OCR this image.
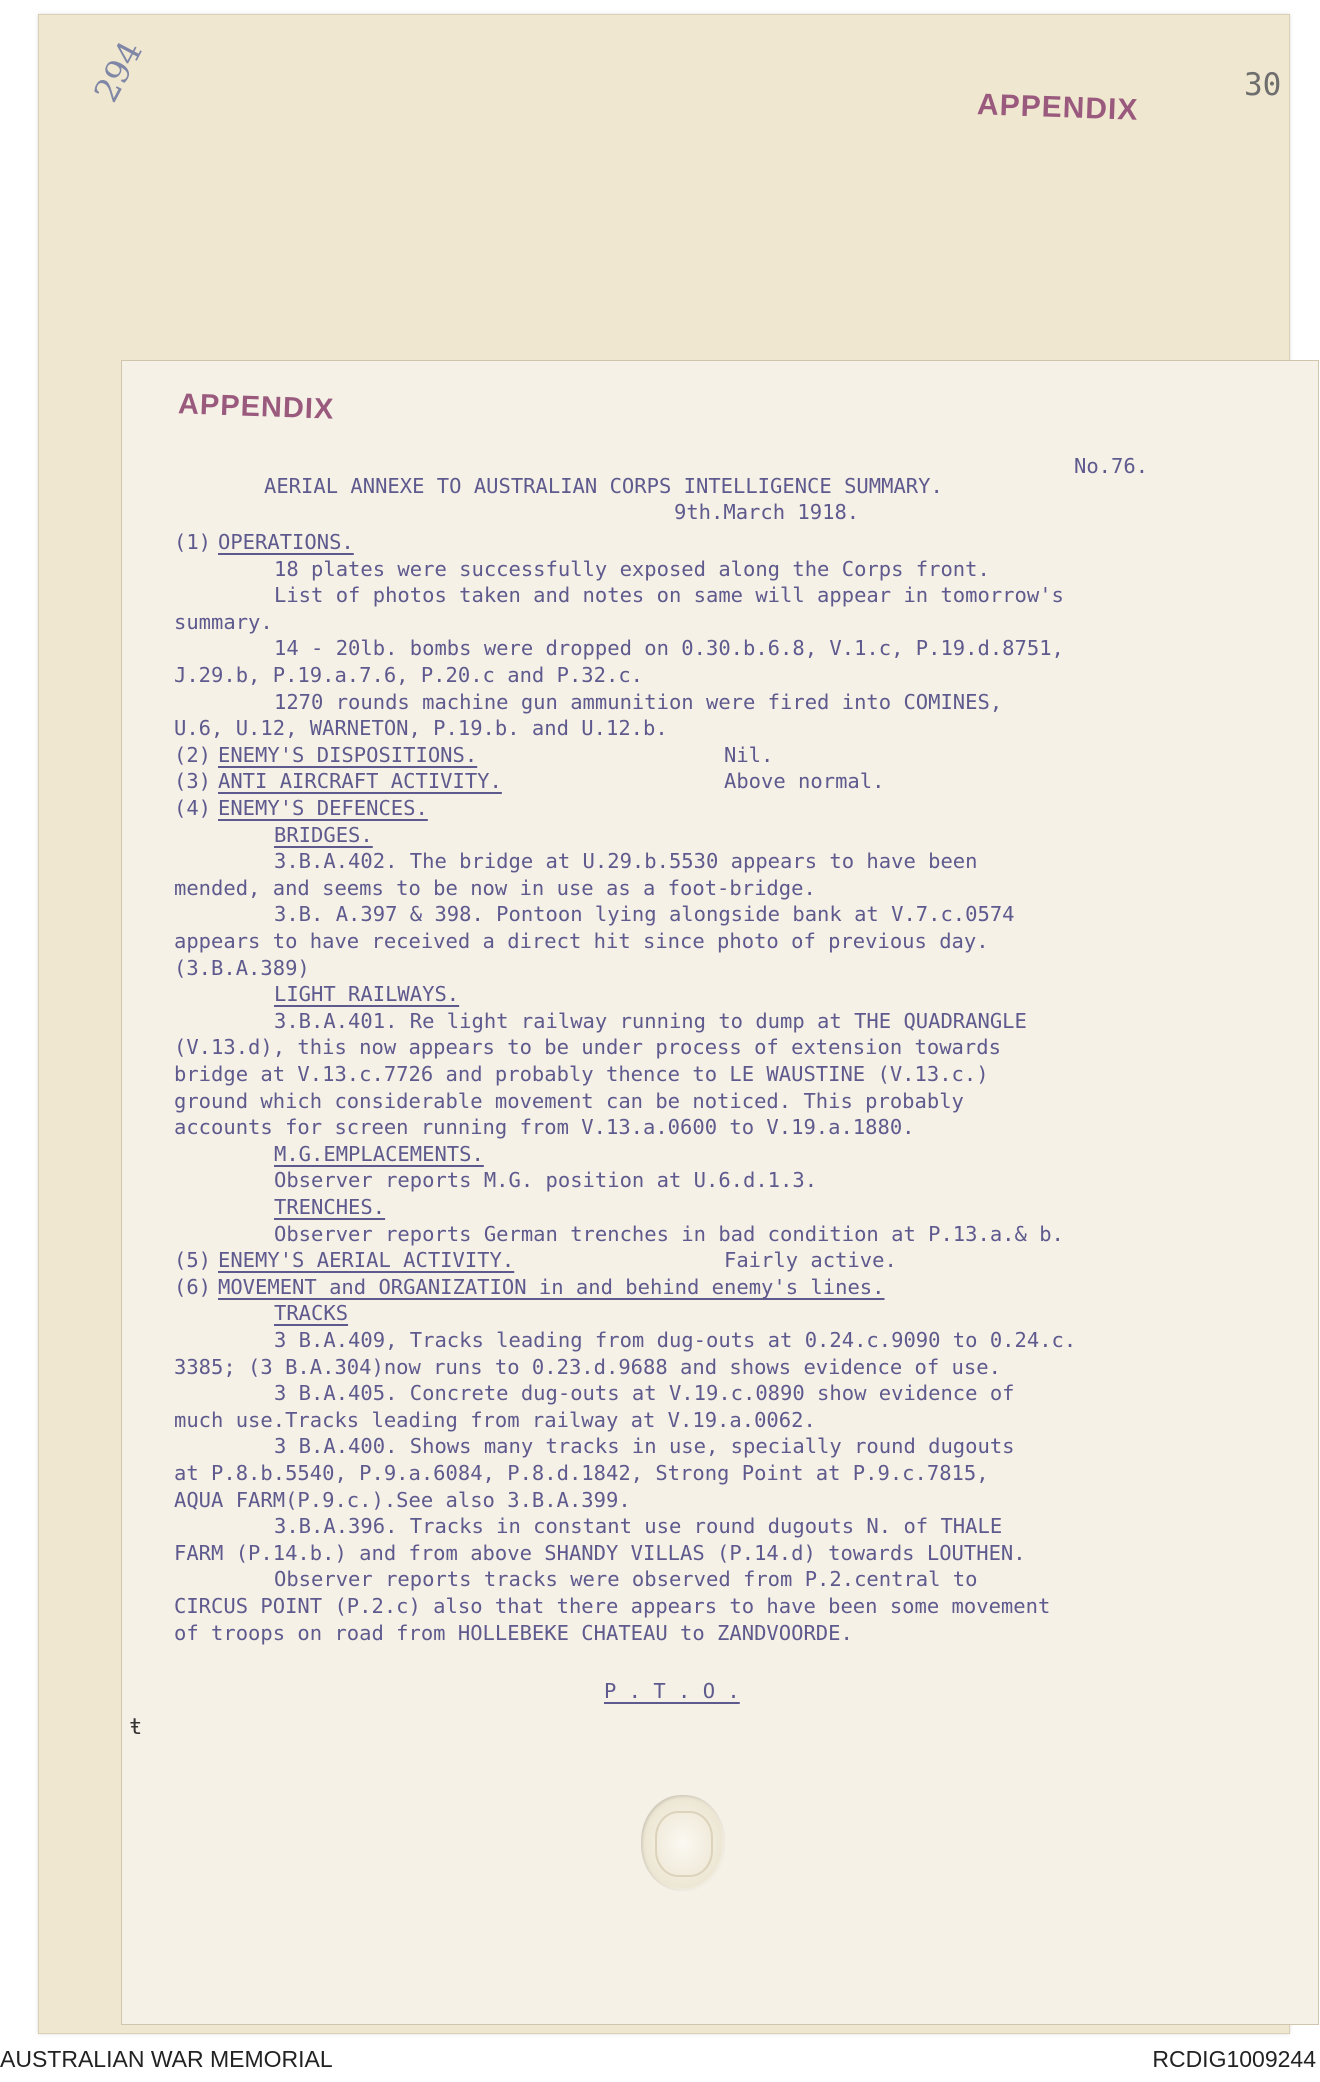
294	30
APPENDIX
APPENDIX
No.76.
AERIAL ANNEXE TO AUSTRALIAN CORPS INTELLIGENCE SUMMARY.
9th.March 1918.
(1) OPERATIONS.
18 plates were successfully exposed along the Corps front.
List of photos taken and notes on same will appear in tomorrow's
summary.
14 - 20lb. bombs were dropped on 0.30.b.6.8, V.1.c, P.19.d.8751,
J.29.b, P.19.a.7.6, P.20.c and P.32.c.
1270 rounds machine gun ammunition were fired into COMINES,
U.6, U.12, WARNETON, P.19.b. and U.12.b.
(2) ENEMY'S DISPOSITIONS.	Nil.
(3) ANTI AIRCRAFT ACTIVITY.	Above normal.
(4) ENEMY'S DEFENCES.
BRIDGES.
3.B.A.402. The bridge at U.29.b.5530 appears to have been
mended, and seems to be now in use as a foot-bridge.
3.B. A.397 & 398. Pontoon lying alongside bank at V.7.c.0574
appears to have received a direct hit since photo of previous day.
(3.B.A.389)
LIGHT RAILWAYS.
3.B.A.401. Re light railway running to dump at THE QUADRANGLE
(V.13.d), this now appears to be under process of extension towards
bridge at V.13.c.7726 and probably thence to LE WAUSTINE (V.13.c.)
ground which considerable movement can be noticed. This probably
accounts for screen running from V.13.a.0600 to V.19.a.1880.
M.G.EMPLACEMENTS.
Observer reports M.G. position at U.6.d.1.3.
TRENCHES.
Observer reports German trenches in bad condition at P.13.a.& b.
(5) ENEMY'S AERIAL ACTIVITY.	Fairly active.
(6) MOVEMENT and ORGANIZATION in and behind enemy's lines.
TRACKS
3 B.A.409, Tracks leading from dug-outs at 0.24.c.9090 to 0.24.c.
3385; (3 B.A.304)now runs to 0.23.d.9688 and shows evidence of use.
3 B.A.405. Concrete dug-outs at V.19.c.0890 show evidence of
much use.Tracks leading from railway at V.19.a.0062.
3 B.A.400. Shows many tracks in use, specially round dugouts
at P.8.b.5540, P.9.a.6084, P.8.d.1842, Strong Point at P.9.c.7815,
AQUA FARM(P.9.c.).See also 3.B.A.399.
3.B.A.396. Tracks in constant use round dugouts N. of THALE
FARM (P.14.b.) and from above SHANDY VILLAS (P.14.d) towards LOUTHEN.
Observer reports tracks were observed from P.2.central to
CIRCUS POINT (P.2.c) also that there appears to have been some movement
of troops on road from HOLLEBEKE CHATEAU to ZANDVOORDE.
P . T . O .
ŧ
AUSTRALIAN WAR MEMORIAL	RCDIG1009244
